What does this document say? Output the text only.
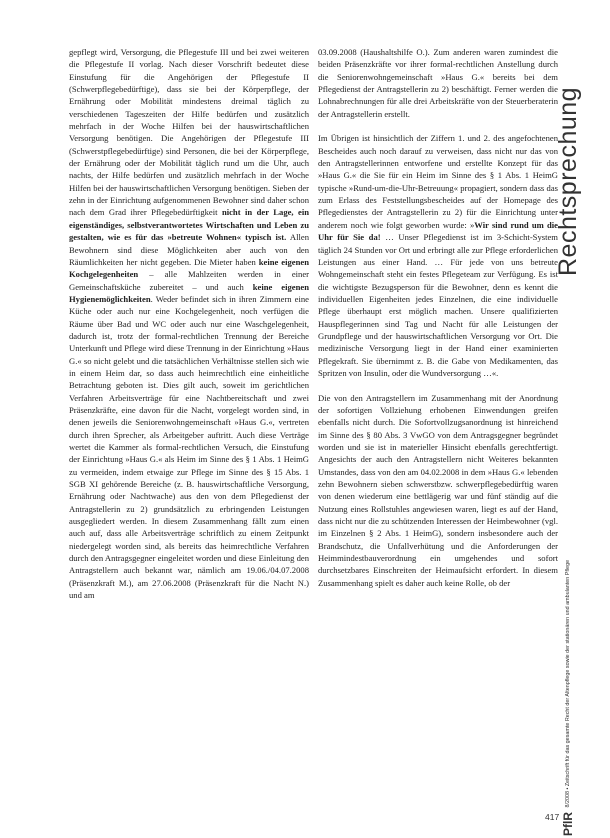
Rechtsprechung

gepflegt wird, Versorgung, die Pflegestufe III und bei zwei weiteren die Pflegestufe II vorlag. Nach dieser Vorschrift bedeutet diese Einstufung für die Angehörigen der Pflegestufe II (Schwerpflegebedürftige), dass sie bei der Körperpflege, der Ernährung oder Mobilität mindestens dreimal täglich zu verschiedenen Tageszeiten der Hilfe bedürfen und zusätzlich mehrfach in der Woche Hilfen bei der hauswirtschaftlichen Versorgung benötigen. Die Angehörigen der Pflegestufe III (Schwerstpflegebedürftige) sind Personen, die bei der Körperpflege, der Ernährung oder der Mobilität täglich rund um die Uhr, auch nachts, der Hilfe bedürfen und zusätzlich mehrfach in der Woche Hilfen bei der hauswirtschaftlichen Versorgung benötigen. Sieben der zehn in der Einrichtung aufgenommenen Bewohner sind daher schon nach dem Grad ihrer Pflegebedürftigkeit nicht in der Lage, ein eigenständiges, selbstverantwortetes Wirtschaften und Leben zu gestalten, wie es für das »betreute Wohnen« typisch ist. Allen Bewohnern sind diese Möglichkeiten aber auch von den Räumlichkeiten her nicht gegeben. Die Mieter haben keine eigenen Kochgelegenheiten – alle Mahlzeiten werden in einer Gemeinschaftsküche zubereitet – und auch keine eigenen Hygienemöglichkeiten. Weder befindet sich in ihren Zimmern eine Küche oder auch nur eine Kochgelegenheit, noch verfügen die Räume über Bad und WC oder auch nur eine Waschgelegenheit, dadurch ist, trotz der formal-rechtlichen Trennung der Bereiche Unterkunft und Pflege wird diese Trennung in der Einrichtung »Haus G.« so nicht gelebt und die tatsächlichen Verhältnisse stellen sich wie in einem Heim dar, so dass auch heimrechtlich eine einheitliche Betrachtung geboten ist. Dies gilt auch, soweit im gerichtlichen Verfahren Arbeitsverträge für eine Nachtbereitschaft und zwei Präsenzkräfte, eine davon für die Nacht, vorgelegt worden sind, in denen jeweils die Seniorenwohngemeinschaft »Haus G.«, vertreten durch ihren Sprecher, als Arbeitgeber auftritt. Auch diese Verträge wertet die Kammer als formal-rechtlichen Versuch, die Einstufung der Einrichtung »Haus G.« als Heim im Sinne des § 1 Abs. 1 HeimG zu vermeiden, indem etwaige zur Pflege im Sinne des § 15 Abs. 1 SGB XI gehörende Bereiche (z. B. hauswirtschaftliche Versorgung, Ernährung oder Nachtwache) aus den von dem Pflegedienst der Antragstellerin zu 2) grundsätzlich zu erbringenden Leistungen ausgegliedert werden. In diesem Zusammenhang fällt zum einen auch auf, dass alle Arbeitsverträge schriftlich zu einem Zeitpunkt niedergelegt worden sind, als bereits das heimrechtliche Verfahren durch den Antragsgegner eingeleitet worden und diese Einleitung den Antragstellern auch bekannt war, nämlich am 19.06./04.07.2008 (Präsenzkraft M.), am 27.06.2008 (Präsenzkraft für die Nacht N.) und am

03.09.2008 (Haushaltshilfe O.). Zum anderen waren zumindest die beiden Präsenzkräfte vor ihrer formal-rechtlichen Anstellung durch die Seniorenwohngemeinschaft »Haus G.« bereits bei dem Pflegedienst der Antragstellerin zu 2) beschäftigt. Ferner werden die Lohnabrechnungen für alle drei Arbeitskräfte von der Steuerberaterin der Antragstellerin erstellt.

Im Übrigen ist hinsichtlich der Ziffern 1. und 2. des angefochtenen Bescheides auch noch darauf zu verweisen, dass nicht nur das von den Antragstellerinnen entworfene und erstellte Konzept für das »Haus G.« die Sie für ein Heim im Sinne des § 1 Abs. 1 HeimG typische »Rund-um-die-Uhr-Betreuung« propagiert, sondern dass das zum Erlass des Feststellungsbescheides auf der Homepage des Pflegedienstes der Antragstellerin zu 2) für die Einrichtung unter anderem noch wie folgt geworben wurde: »Wir sind rund um die Uhr für Sie da! … Unser Pflegedienst ist im 3-Schicht-System täglich 24 Stunden vor Ort und erbringt alle zur Pflege erforderlichen Leistungen aus einer Hand. … Für jede von uns betreute Wohngemeinschaft steht ein festes Pflegeteam zur Verfügung. Es ist die wichtigste Bezugsperson für die Bewohner, denn es kennt die individuellen Eigenheiten jedes Einzelnen, die eine individuelle Pflege überhaupt erst möglich machen. Unsere qualifizierten Hauspflegerinnen sind Tag und Nacht für alle Leistungen der Grundpflege und der hauswirtschaftlichen Versorgung vor Ort. Die medizinische Versorgung liegt in der Hand einer examinierten Pflegekraft. Sie übernimmt z. B. die Gabe von Medikamenten, das Spritzen von Insulin, oder die Wundversorgung …«.

Die von den Antragstellern im Zusammenhang mit der Anordnung der sofortigen Vollziehung erhobenen Einwendungen greifen ebenfalls nicht durch. Die Sofortvollzugsanordnung ist hinreichend im Sinne des § 80 Abs. 3 VwGO von dem Antragsgegner begründet worden und sie ist in materieller Hinsicht ebenfalls gerechtfertigt. Angesichts der auch den Antragstellern nicht Weiteres bekannten Umstandes, dass von den am 04.02.2008 in dem »Haus G.« lebenden zehn Bewohnern sieben schwerstbzw. schwerpflegebedürftig waren von denen wiederum eine bettlägerig war und fünf ständig auf die Nutzung eines Rollstuhles angewiesen waren, liegt es auf der Hand, dass nicht nur die zu schützenden Interessen der Heimbewohner (vgl. im Einzelnen § 2 Abs. 1 HeimG), sondern insbesondere auch der Brandschutz, die Unfallverhütung und die Anforderungen der Heimmindestbauverordnung ein umgehendes und sofort durchsetzbares Einschreiten der Heimaufsicht erfordert. In diesem Zusammenhang spielt es daher auch keine Rolle, ob der

PflR 8/2008 • Zeitschrift für das gesamte Recht der Altenpflege sowie der stationären und ambulanten Pflege
417
